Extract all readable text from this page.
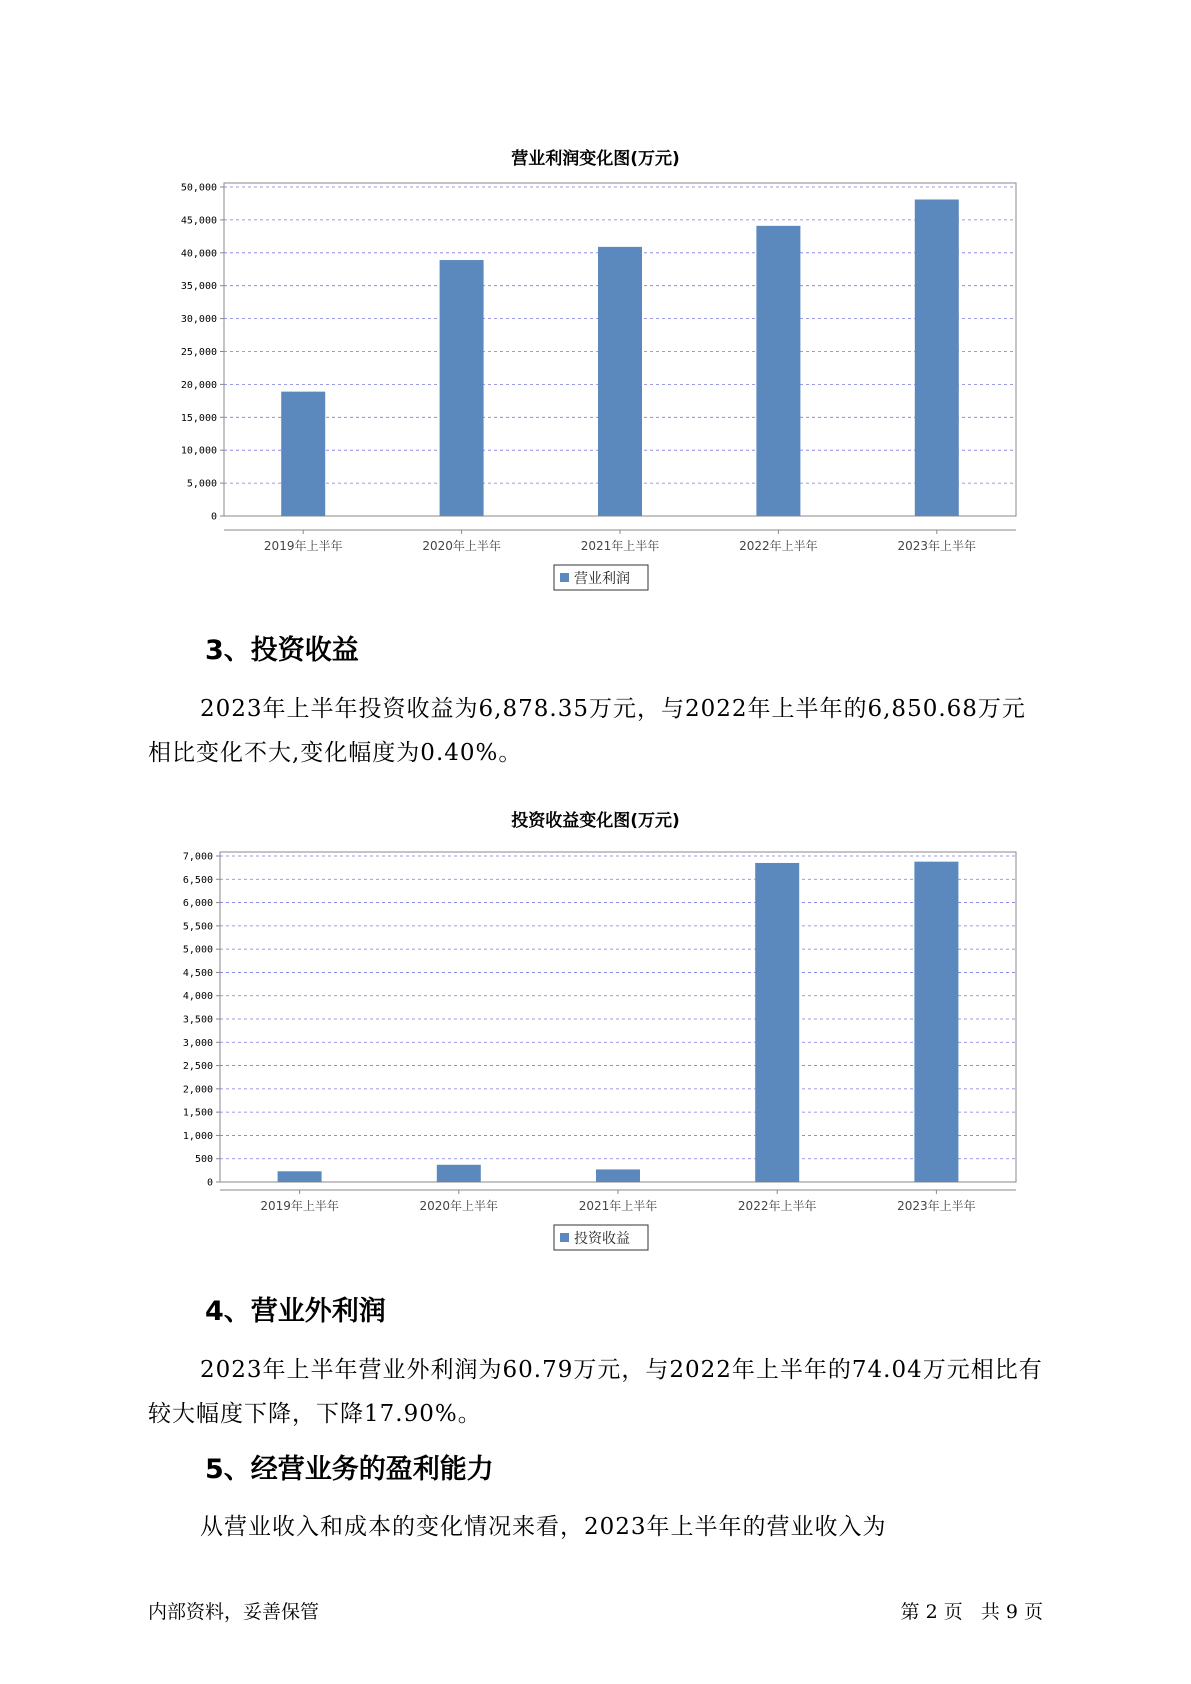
营业利润变化图(万元)
0
5,000
10,000
15,000
20,000
25,000
30,000
35,000
40,000
45,000
50,000
2019年上半年	2020年上半年	2021年上半年	2022年上半年	2023年上半年
营业利润
3、投资收益
2023年上半年投资收益为6,878.35万元，与2022年上半年的6,850.68万元相比变化不大,变化幅度为0.40%。
投资收益变化图(万元)
0
500
1,000
1,500
2,000
2,500
3,000
3,500
4,000
4,500
5,000
5,500
6,000
6,500
7,000
2019年上半年	2020年上半年	2021年上半年	2022年上半年	2023年上半年
投资收益
4、营业外利润
2023年上半年营业外利润为60.79万元，与2022年上半年的74.04万元相比有较大幅度下降，下降17.90%。
5、经营业务的盈利能力
从营业收入和成本的变化情况来看，2023年上半年的营业收入为
内部资料，妥善保管	第 2 页   共 9 页
